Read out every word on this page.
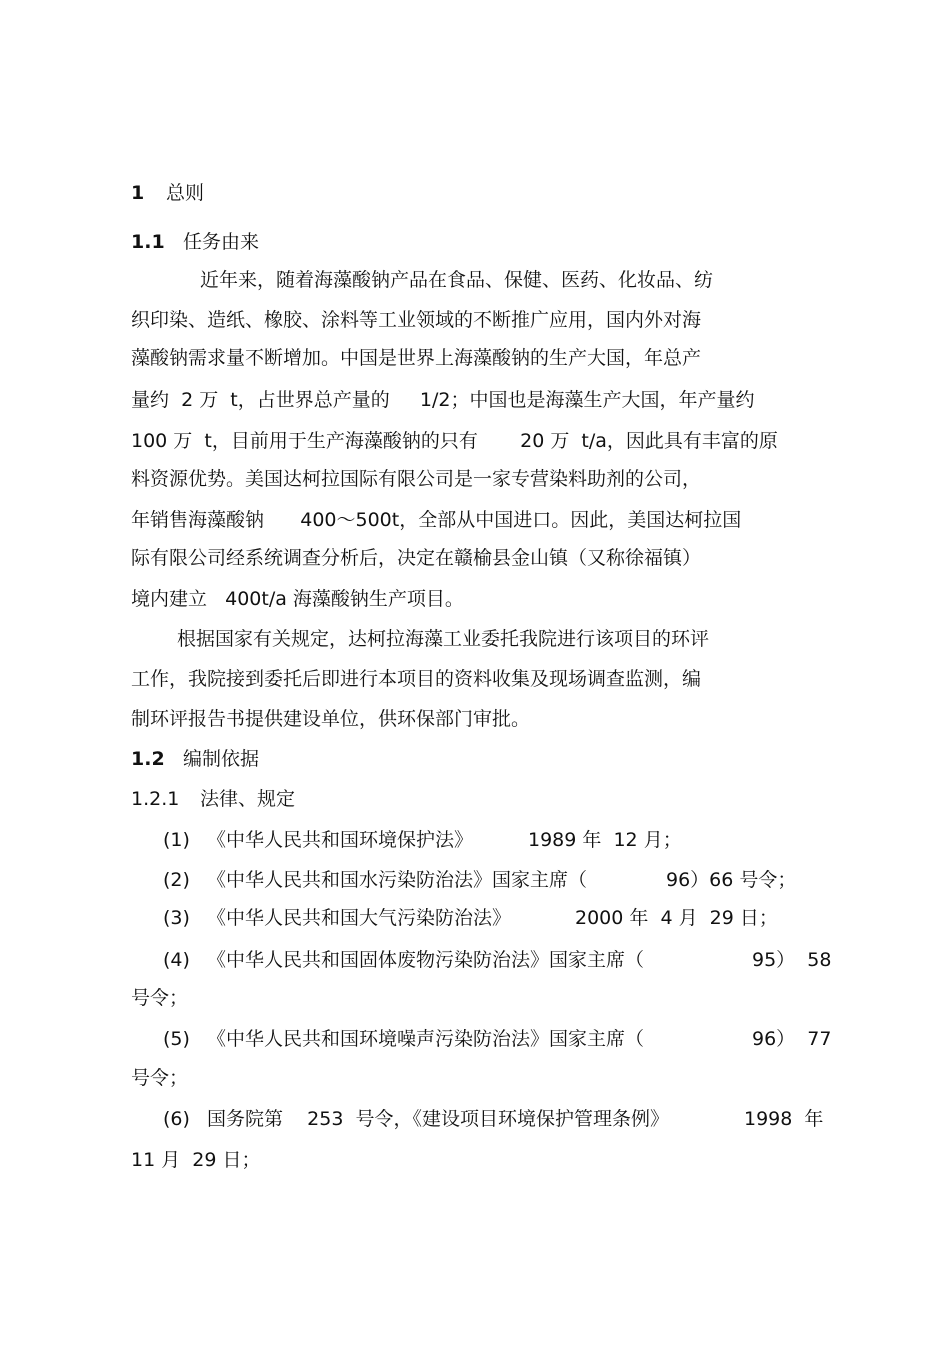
1 总则
1.1 任务由来
近年来，随着海藻酸钠产品在食品、保健、医药、化妆品、纺
织印染、造纸、橡胶、涂料等工业领域的不断推广应用，国内外对海
藻酸钠需求量不断增加。中国是世界上海藻酸钠的生产大国，年总产
量约  2 万  t，占世界总产量的     1/2；中国也是海藻生产大国，年产量约
100 万  t，目前用于生产海藻酸钠的只有       20 万  t/a，因此具有丰富的原
料资源优势。美国达柯拉国际有限公司是一家专营染料助剂的公司，
年销售海藻酸钠      400～500t，全部从中国进口。因此，美国达柯拉国
际有限公司经系统调查分析后，决定在赣榆县金山镇（又称徐福镇）
境内建立   400t/a 海藻酸钠生产项目。
根据国家有关规定，达柯拉海藻工业委托我院进行该项目的环评
工作，我院接到委托后即进行本项目的资料收集及现场调查监测，编
制环评报告书提供建设单位，供环保部门审批。
1.2 编制依据
1.2.1 法律、规定
(1) 《中华人民共和国环境保护法》	1989 年  12 月；
(2) 《中华人民共和国水污染防治法》国家主席（	96）66 号令；
(3) 《中华人民共和国大气污染防治法》	2000 年  4 月  29 日；
(4) 《中华人民共和国固体废物污染防治法》国家主席（	95）  58
号令；
(5) 《中华人民共和国环境噪声污染防治法》国家主席（	96）  77
号令；
(6) 国务院第    253  号令，《建设项目环境保护管理条例》	1998  年
11 月  29 日；
